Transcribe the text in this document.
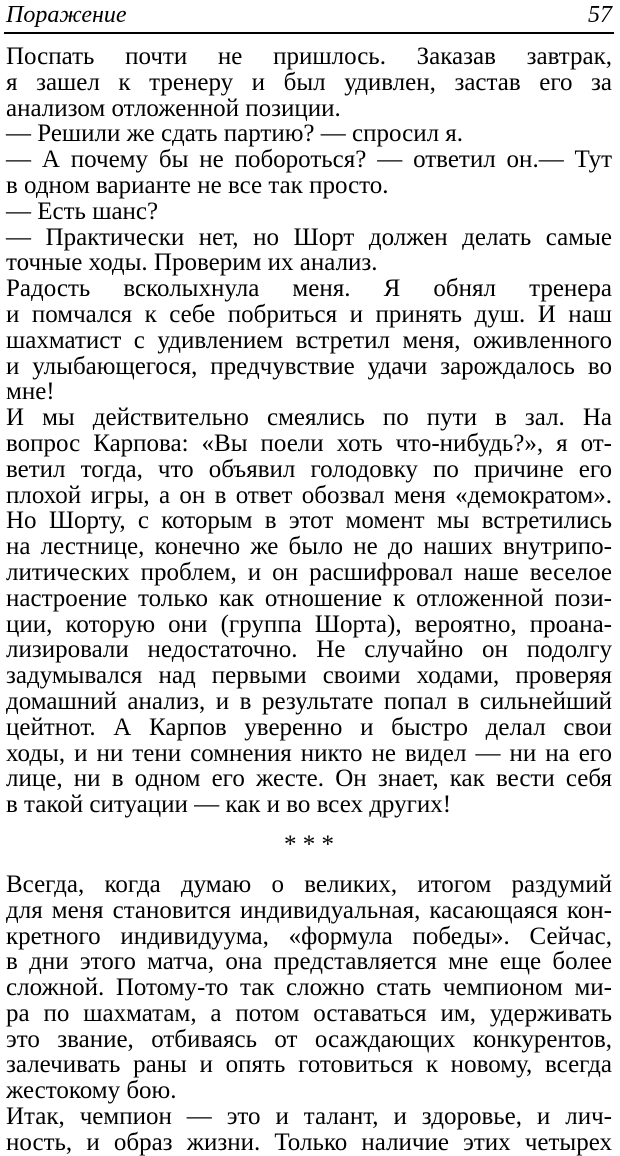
Поражение	57
Поспать почти не пришлось. Заказав завтрак,
я зашел к тренеру и был удивлен, застав его за
анализом отложенной позиции.
— Решили же сдать партию? — спросил я.
— А почему бы не побороться? — ответил он.— Тут
в одном варианте не все так просто.
— Есть шанс?
— Практически нет, но Шорт должен делать самые
точные ходы. Проверим их анализ.
Радость всколыхнула меня. Я обнял тренера
и помчался к себе побриться и принять душ. И наш
шахматист с удивлением встретил меня, оживленного
и улыбающегося, предчувствие удачи зарождалось во
мне!
И мы действительно смеялись по пути в зал. На
вопрос Карпова: «Вы поели хоть что-нибудь?», я от-
ветил тогда, что объявил голодовку по причине его
плохой игры, а он в ответ обозвал меня «демократом».
Но Шорту, с которым в этот момент мы встретились
на лестнице, конечно же было не до наших внутрипо-
литических проблем, и он расшифровал наше веселое
настроение только как отношение к отложенной пози-
ции, которую они (группа Шорта), вероятно, проана-
лизировали недостаточно. Не случайно он подолгу
задумывался над первыми своими ходами, проверяя
домашний анализ, и в результате попал в сильнейший
цейтнот. А Карпов уверенно и быстро делал свои
ходы, и ни тени сомнения никто не видел — ни на его
лице, ни в одном его жесте. Он знает, как вести себя
в такой ситуации — как и во всех других!
* * *
Всегда, когда думаю о великих, итогом раздумий
для меня становится индивидуальная, касающаяся кон-
кретного индивидуума, «формула победы». Сейчас,
в дни этого матча, она представляется мне еще более
сложной. Потому-то так сложно стать чемпионом ми-
ра по шахматам, а потом оставаться им, удерживать
это звание, отбиваясь от осаждающих конкурентов,
залечивать раны и опять готовиться к новому, всегда
жестокому бою.
Итак, чемпион — это и талант, и здоровье, и лич-
ность, и образ жизни. Только наличие этих четырех
